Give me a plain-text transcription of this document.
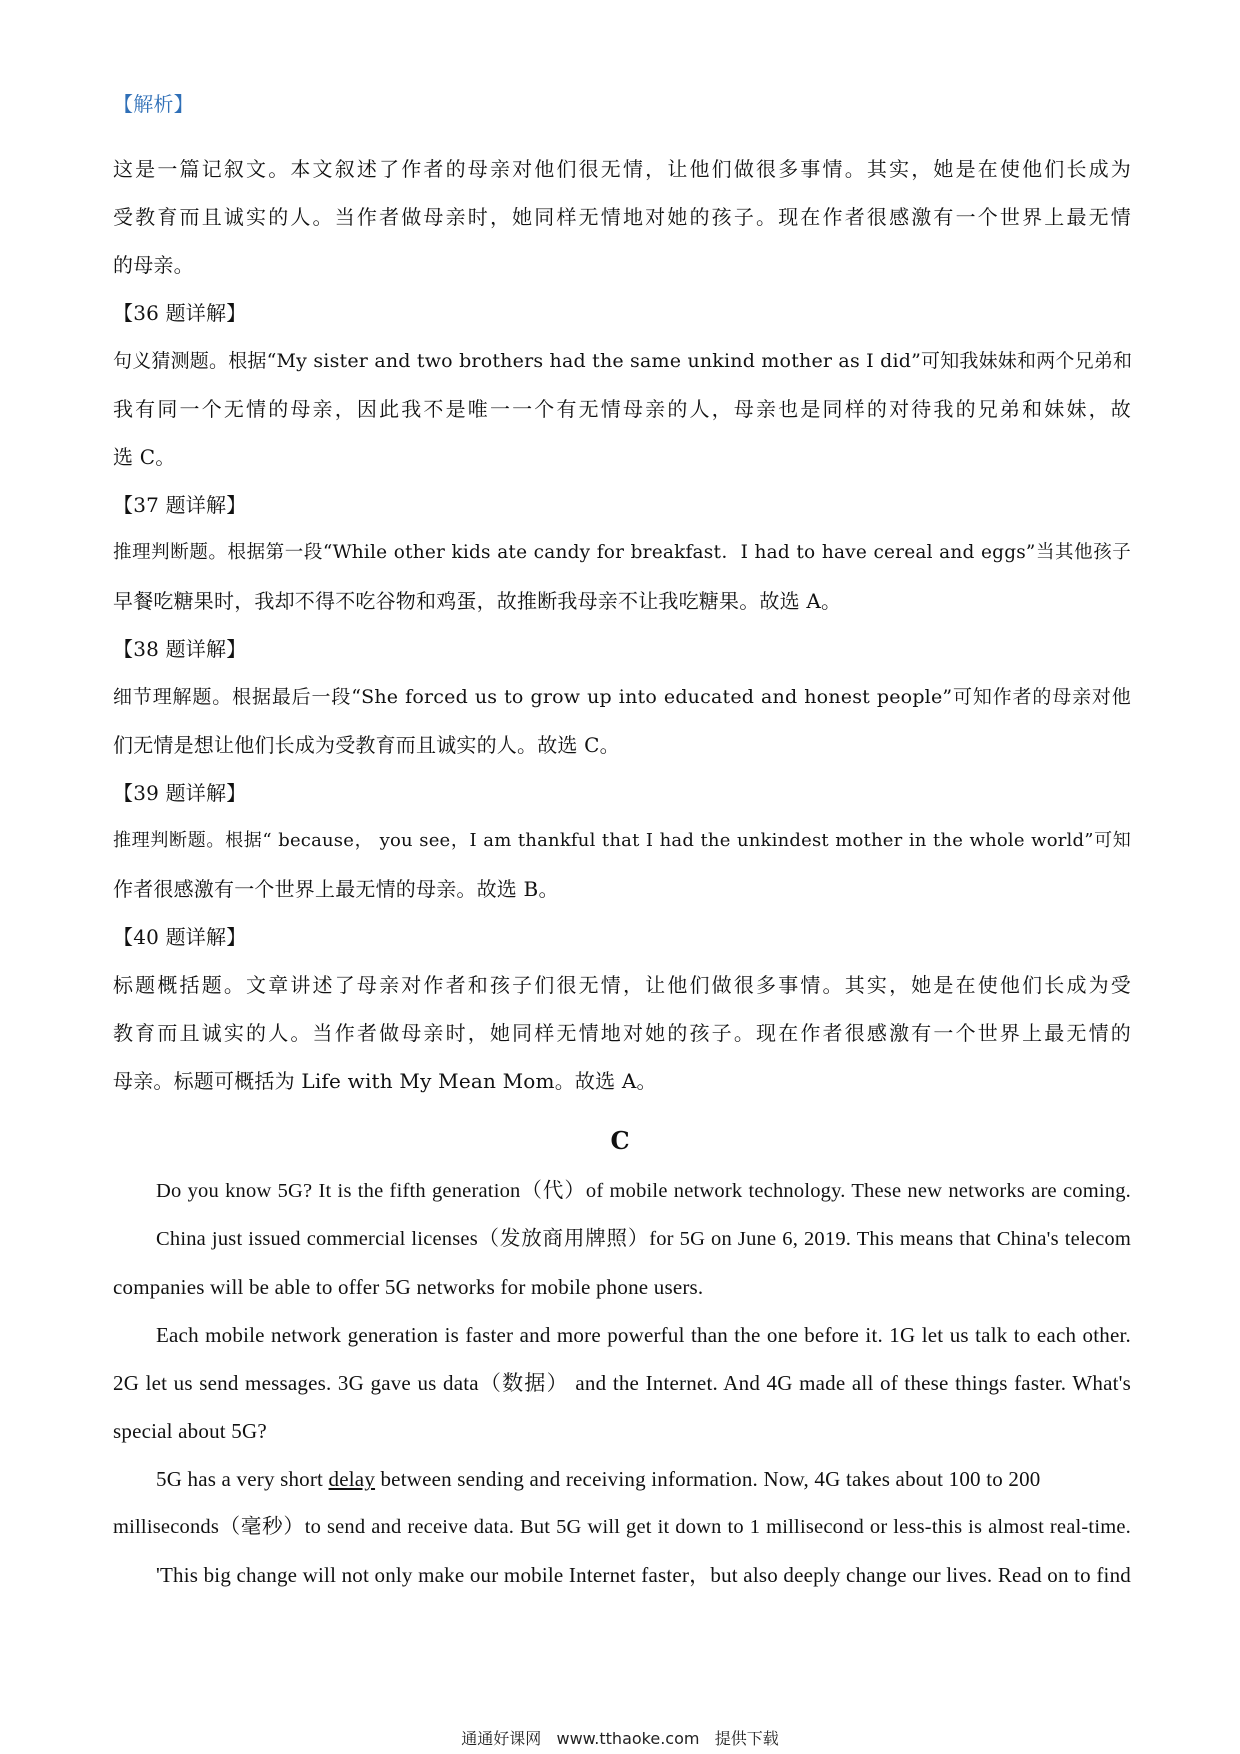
【解析】
这是一篇记叙文。本文叙述了作者的母亲对他们很无情，让他们做很多事情。其实，她是在使他们长成为
受教育而且诚实的人。当作者做母亲时，她同样无情地对她的孩子。现在作者很感激有一个世界上最无情
的母亲。
【36 题详解】
句义猜测题。根据“My sister and two brothers had the same unkind mother as I did”可知我妹妹和两个兄弟和
我有同一个无情的母亲，因此我不是唯一一个有无情母亲的人，母亲也是同样的对待我的兄弟和妹妹，故
选 C。
【37 题详解】
推理判断题。根据第一段“While other kids ate candy for breakfast．I had to have cereal and eggs”当其他孩子
早餐吃糖果时，我却不得不吃谷物和鸡蛋，故推断我母亲不让我吃糖果。故选 A。
【38 题详解】
细节理解题。根据最后一段“She forced us to grow up into educated and honest people”可知作者的母亲对他
们无情是想让他们长成为受教育而且诚实的人。故选 C。
【39 题详解】
推理判断题。根据“ because， you see，I am thankful that I had the unkindest mother in the whole world”可知
作者很感激有一个世界上最无情的母亲。故选 B。
【40 题详解】
标题概括题。文章讲述了母亲对作者和孩子们很无情，让他们做很多事情。其实，她是在使他们长成为受
教育而且诚实的人。当作者做母亲时，她同样无情地对她的孩子。现在作者很感激有一个世界上最无情的
母亲。标题可概括为 Life with My Mean Mom。故选 A。
C
Do you know 5G? It is the fifth generation（代）of mobile network technology. These new networks are coming.
China just issued commercial licenses（发放商用牌照）for 5G on June 6, 2019. This means that China's telecom
companies will be able to offer 5G networks for mobile phone users.
Each mobile network generation is faster and more powerful than the one before it. 1G let us talk to each other.
2G let us send messages. 3G gave us data（数据） and the Internet. And 4G made all of these things faster. What's
special about 5G?
5G has a very short delay between sending and receiving information. Now, 4G takes about 100 to 200
milliseconds（毫秒）to send and receive data. But 5G will get it down to 1 millisecond or less-this is almost real-time.
'This big change will not only make our mobile Internet faster，but also deeply change our lives. Read on to find
通通好课网   www.tthaoke.com   提供下载
